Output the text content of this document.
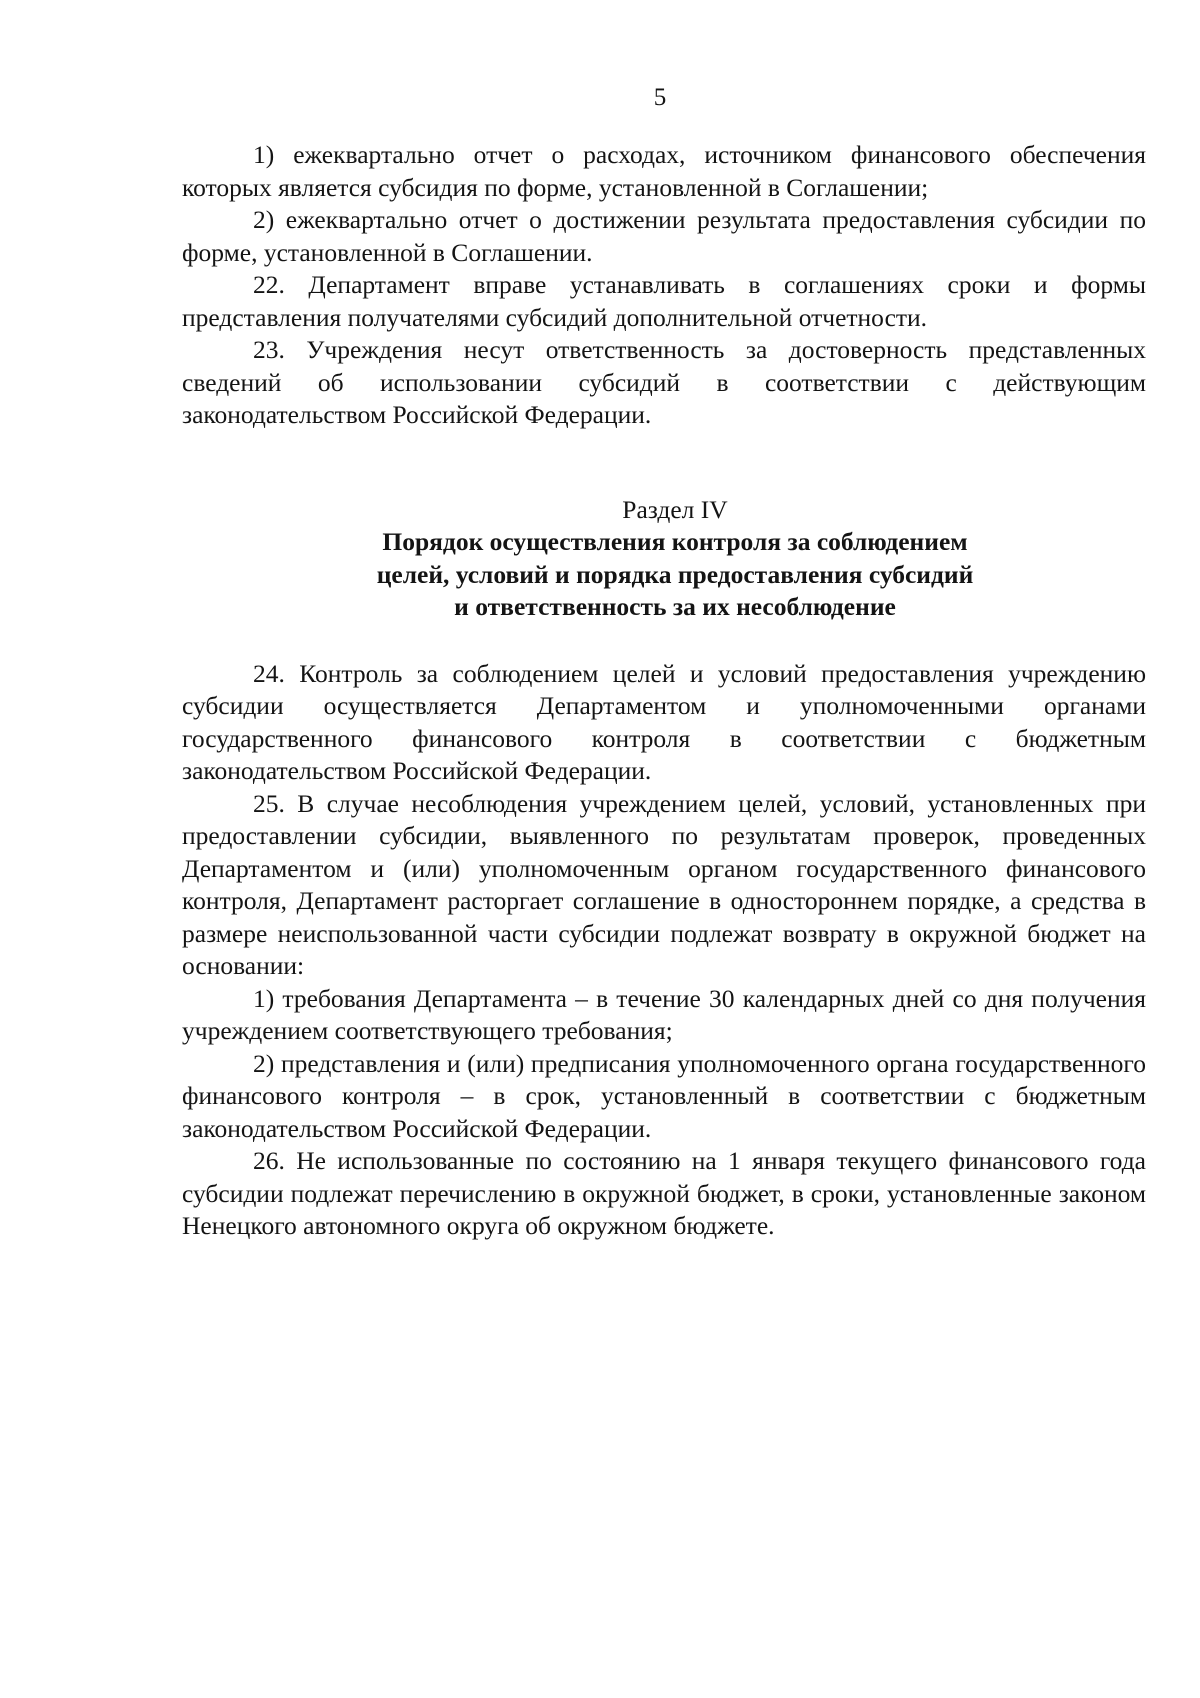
5

1) ежеквартально отчет о расходах, источником финансового обеспечения которых является субсидия по форме, установленной в Соглашении;

2) ежеквартально отчет о достижении результата предоставления субсидии по форме, установленной в Соглашении.

22. Департамент вправе устанавливать в соглашениях сроки и формы представления получателями субсидий дополнительной отчетности.

23. Учреждения несут ответственность за достоверность представленных сведений об использовании субсидий в соответствии с действующим законодательством Российской Федерации.

Раздел IV
Порядок осуществления контроля за соблюдением
целей, условий и порядка предоставления субсидий
и ответственность за их несоблюдение

24. Контроль за соблюдением целей и условий предоставления учреждению субсидии осуществляется Департаментом и уполномоченными органами государственного финансового контроля в соответствии с бюджетным законодательством Российской Федерации.

25. В случае несоблюдения учреждением целей, условий, установленных при предоставлении субсидии, выявленного по результатам проверок, проведенных Департаментом и (или) уполномоченным органом государственного финансового контроля, Департамент расторгает соглашение в одностороннем порядке, а средства в размере неиспользованной части субсидии подлежат возврату в окружной бюджет на основании:

1) требования Департамента – в течение 30 календарных дней со дня получения учреждением соответствующего требования;

2) представления и (или) предписания уполномоченного органа государственного финансового контроля – в срок, установленный в соответствии с бюджетным законодательством Российской Федерации.

26. Не использованные по состоянию на 1 января текущего финансового года субсидии подлежат перечислению в окружной бюджет, в сроки, установленные законом Ненецкого автономного округа об окружном бюджете.
